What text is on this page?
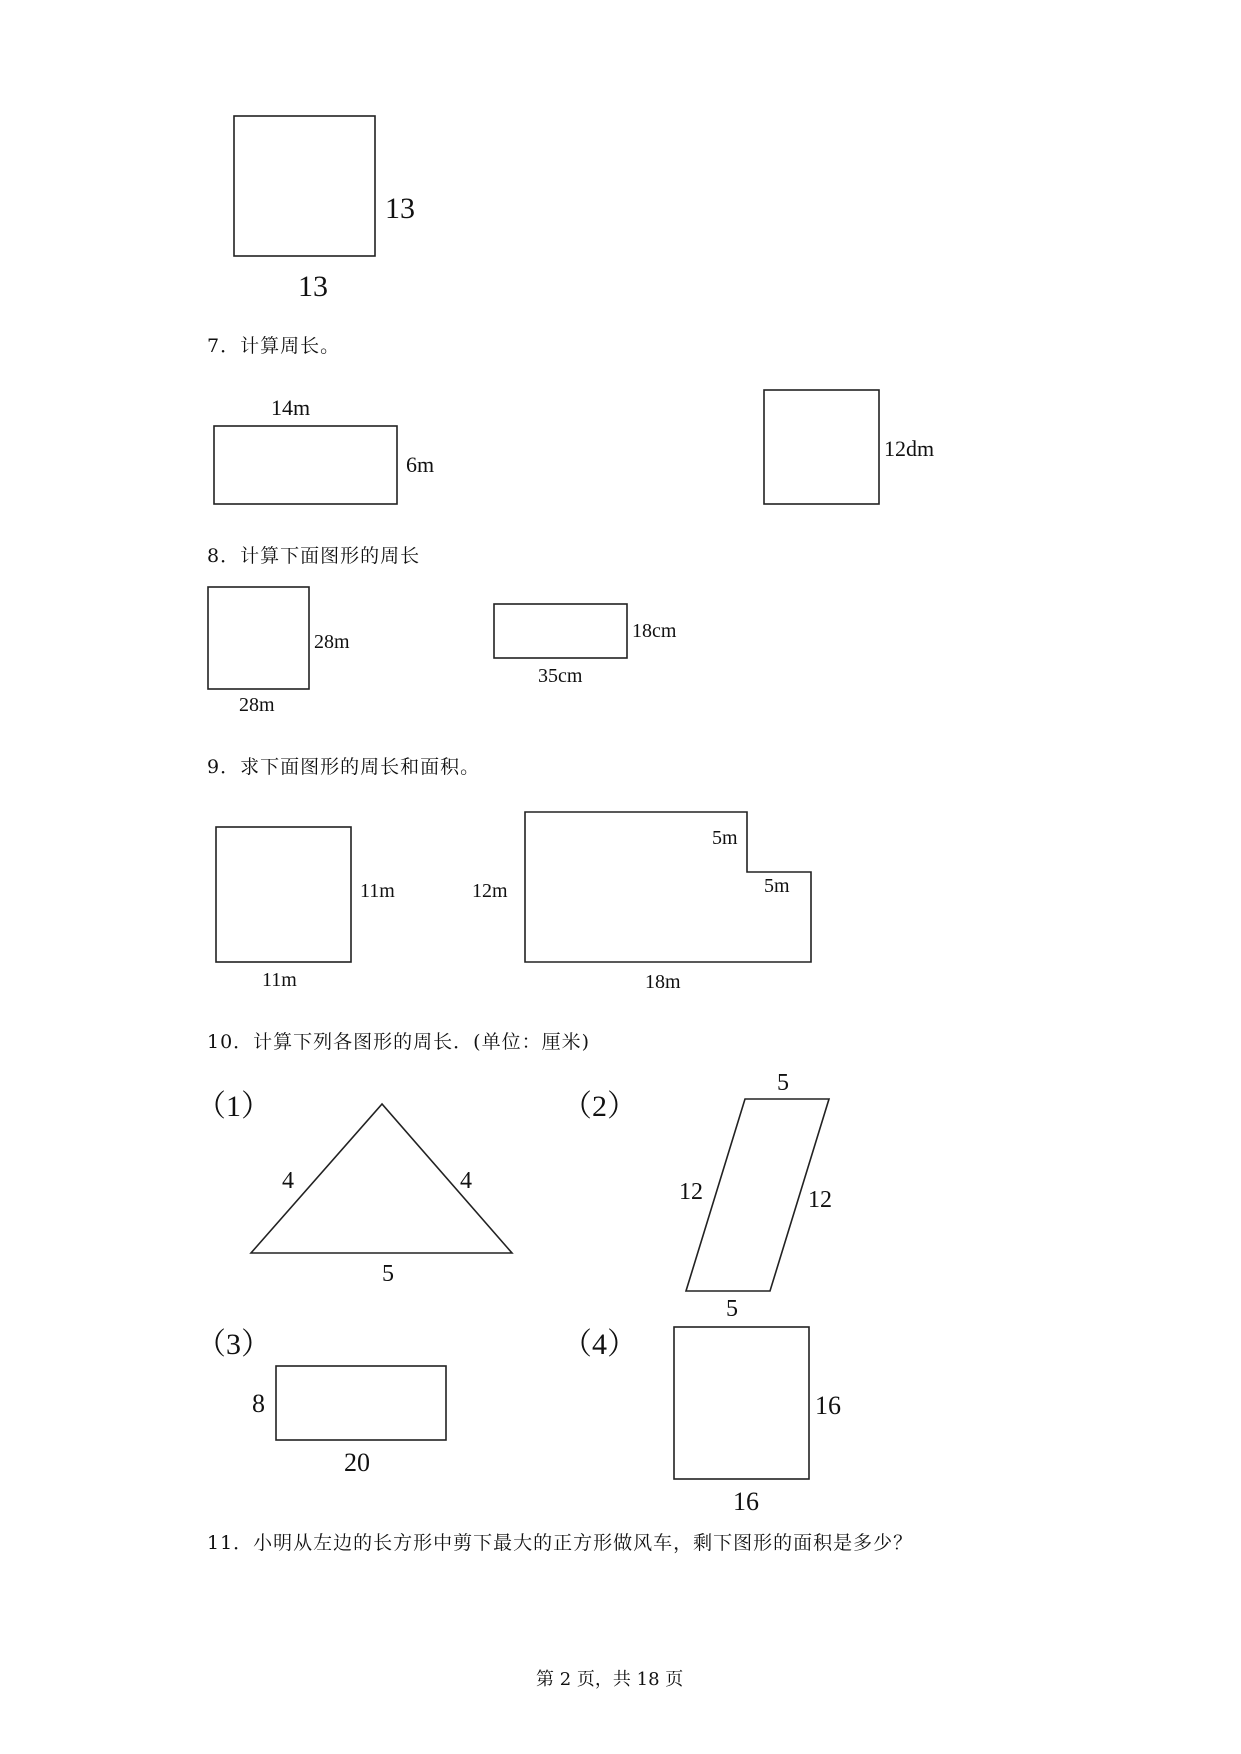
13
13
14m
6m
12dm
28m
28m
18cm
35cm
11m
11m
12m
5m
5m
18m
（1）
4	4
5
（2）
5
12	12
5
（3）
8
20
（4）
16
16
7．计算周长。
8．计算下面图形的周长
9．求下面图形的周长和面积。
10．计算下列各图形的周长．(单位：厘米)
11．小明从左边的长方形中剪下最大的正方形做风车，剩下图形的面积是多少？
第 2 页，共 18 页
